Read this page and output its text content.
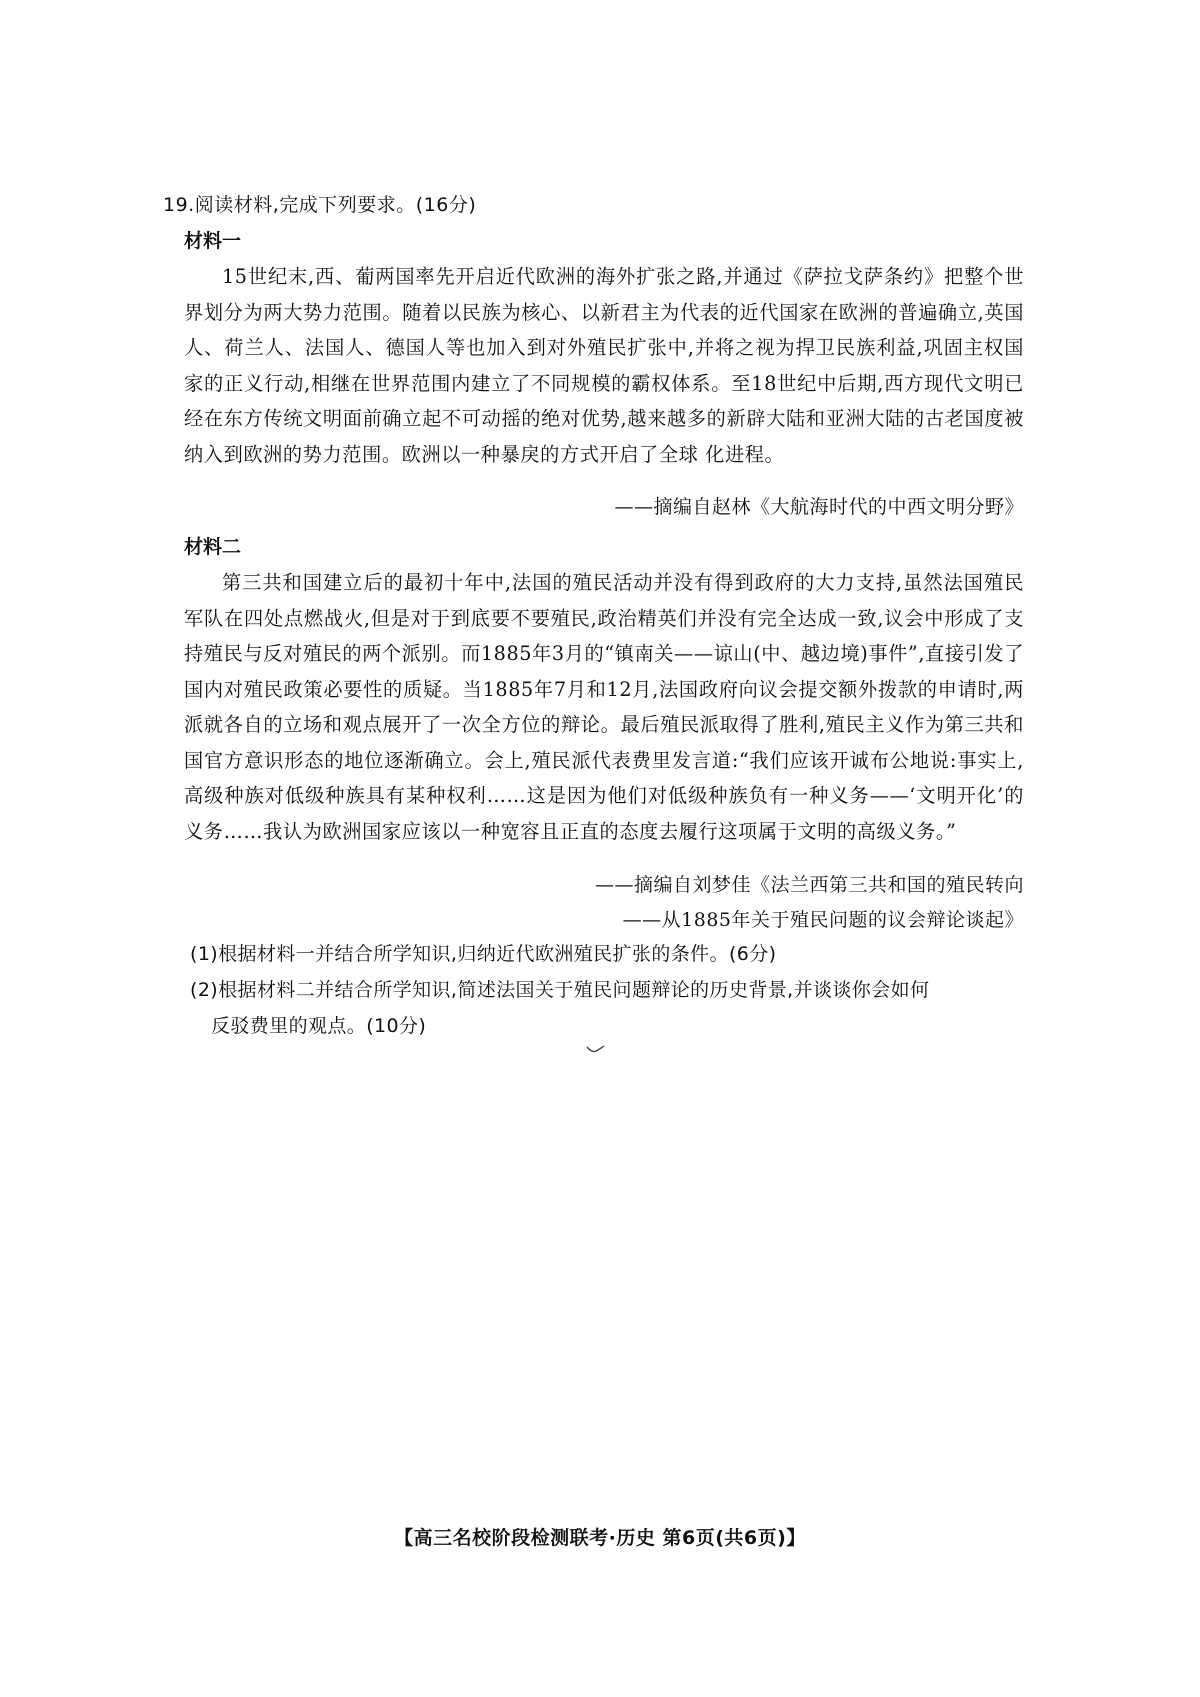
19.阅读材料,完成下列要求。(16分)
材料一
15世纪末,西、葡两国率先开启近代欧洲的海外扩张之路,并通过《萨拉戈萨条约》把整个世界划分为两大势力范围。随着以民族为核心、以新君主为代表的近代国家在欧洲的普遍确立,英国人、荷兰人、法国人、德国人等也加入到对外殖民扩张中,并将之视为捍卫民族利益,巩固主权国家的正义行动,相继在世界范围内建立了不同规模的霸权体系。至18世纪中后期,西方现代文明已经在东方传统文明面前确立起不可动摇的绝对优势,越来越多的新辟大陆和亚洲大陆的古老国度被纳入到欧洲的势力范围。欧洲以一种暴戾的方式开启了全球 化进程。
——摘编自赵林《大航海时代的中西文明分野》
材料二
第三共和国建立后的最初十年中,法国的殖民活动并没有得到政府的大力支持,虽然法国殖民军队在四处点燃战火,但是对于到底要不要殖民,政治精英们并没有完全达成一致,议会中形成了支持殖民与反对殖民的两个派别。而1885年3月的“镇南关——谅山(中、越边境)事件”,直接引发了国内对殖民政策必要性的质疑。当1885年7月和12月,法国政府向议会提交额外拨款的申请时,两派就各自的立场和观点展开了一次全方位的辩论。最后殖民派取得了胜利,殖民主义作为第三共和国官方意识形态的地位逐渐确立。会上,殖民派代表费里发言道:“我们应该开诚布公地说:事实上,高级种族对低级种族具有某种权利……这是因为他们对低级种族负有一种义务——‘文明开化’的义务……我认为欧洲国家应该以一种宽容且正直的态度去履行这项属于文明的高级义务。”
——摘编自刘梦佳《法兰西第三共和国的殖民转向
——从1885年关于殖民问题的议会辩论谈起》
(1)根据材料一并结合所学知识,归纳近代欧洲殖民扩张的条件。(6分)
(2)根据材料二并结合所学知识,简述法国关于殖民问题辩论的历史背景,并谈谈你会如何
反驳费里的观点。(10分)
【高三名校阶段检测联考·历史 第6页(共6页)】
